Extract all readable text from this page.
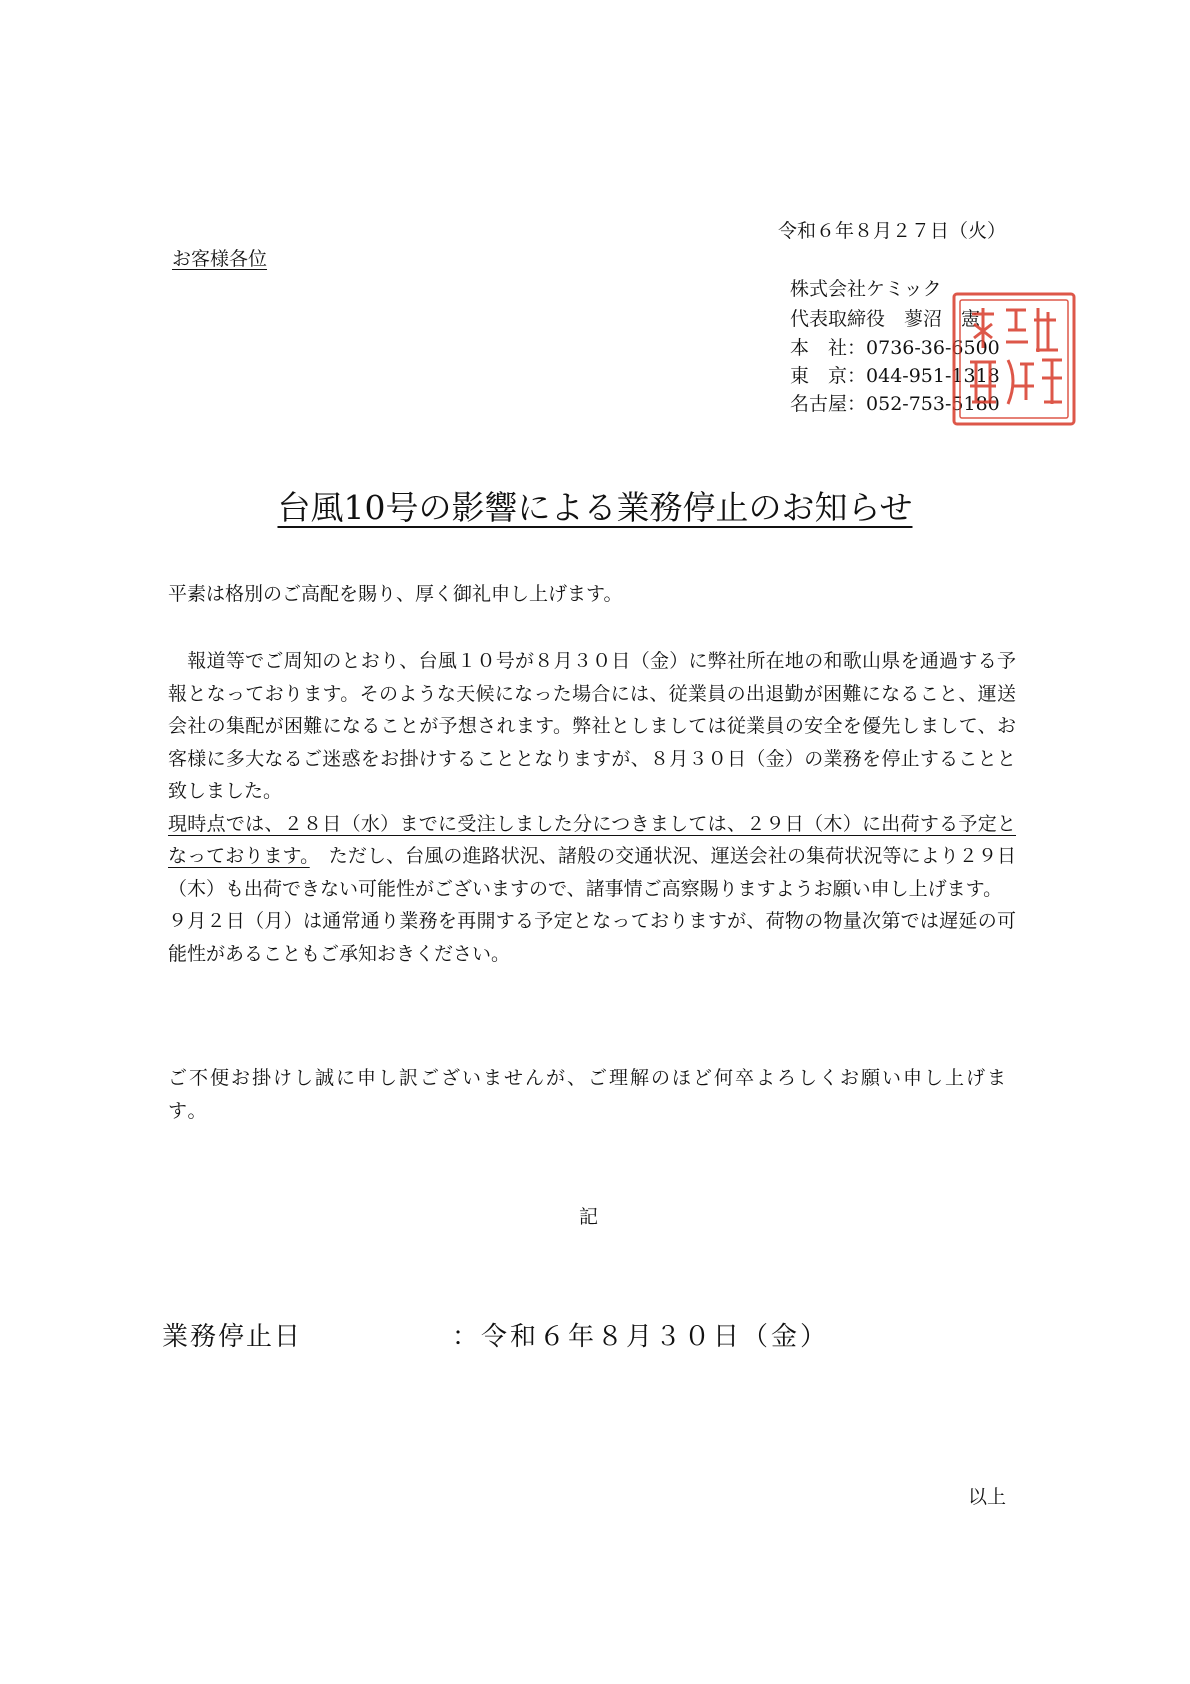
令和６年８月２７日（火）
お客様各位
株式会社ケミック
代表取締役　蓼沼　憲
本　社：0736-36-6500
東　京：044-951-1318
名古屋：052-753-5180
台風10号の影響による業務停止のお知らせ
平素は格別のご高配を賜り、厚く御礼申し上げます。

　報道等でご周知のとおり、台風１０号が８月３０日（金）に弊社所在地の和歌山県を通過する予報となっております。そのような天候になった場合には、従業員の出退勤が困難になること、運送会社の集配が困難になることが予想されます。弊社としましては従業員の安全を優先しまして、お客様に多大なるご迷惑をお掛けすることとなりますが、８月３０日（金）の業務を停止することと致しました。

現時点では、２８日（水）までに受注しました分につきましては、２９日（木）に出荷する予定となっております。　ただし、台風の進路状況、諸般の交通状況、運送会社の集荷状況等により２９日（木）も出荷できない可能性がございますので、諸事情ご高察賜りますようお願い申し上げます。

９月２日（月）は通常通り業務を再開する予定となっておりますが、荷物の物量次第では遅延の可能性があることもご承知おきください。

ご不便お掛けし誠に申し訳ございませんが、ご理解のほど何卒よろしくお願い申し上げます。
記
業務停止日	：令和６年８月３０日（金）
以上
